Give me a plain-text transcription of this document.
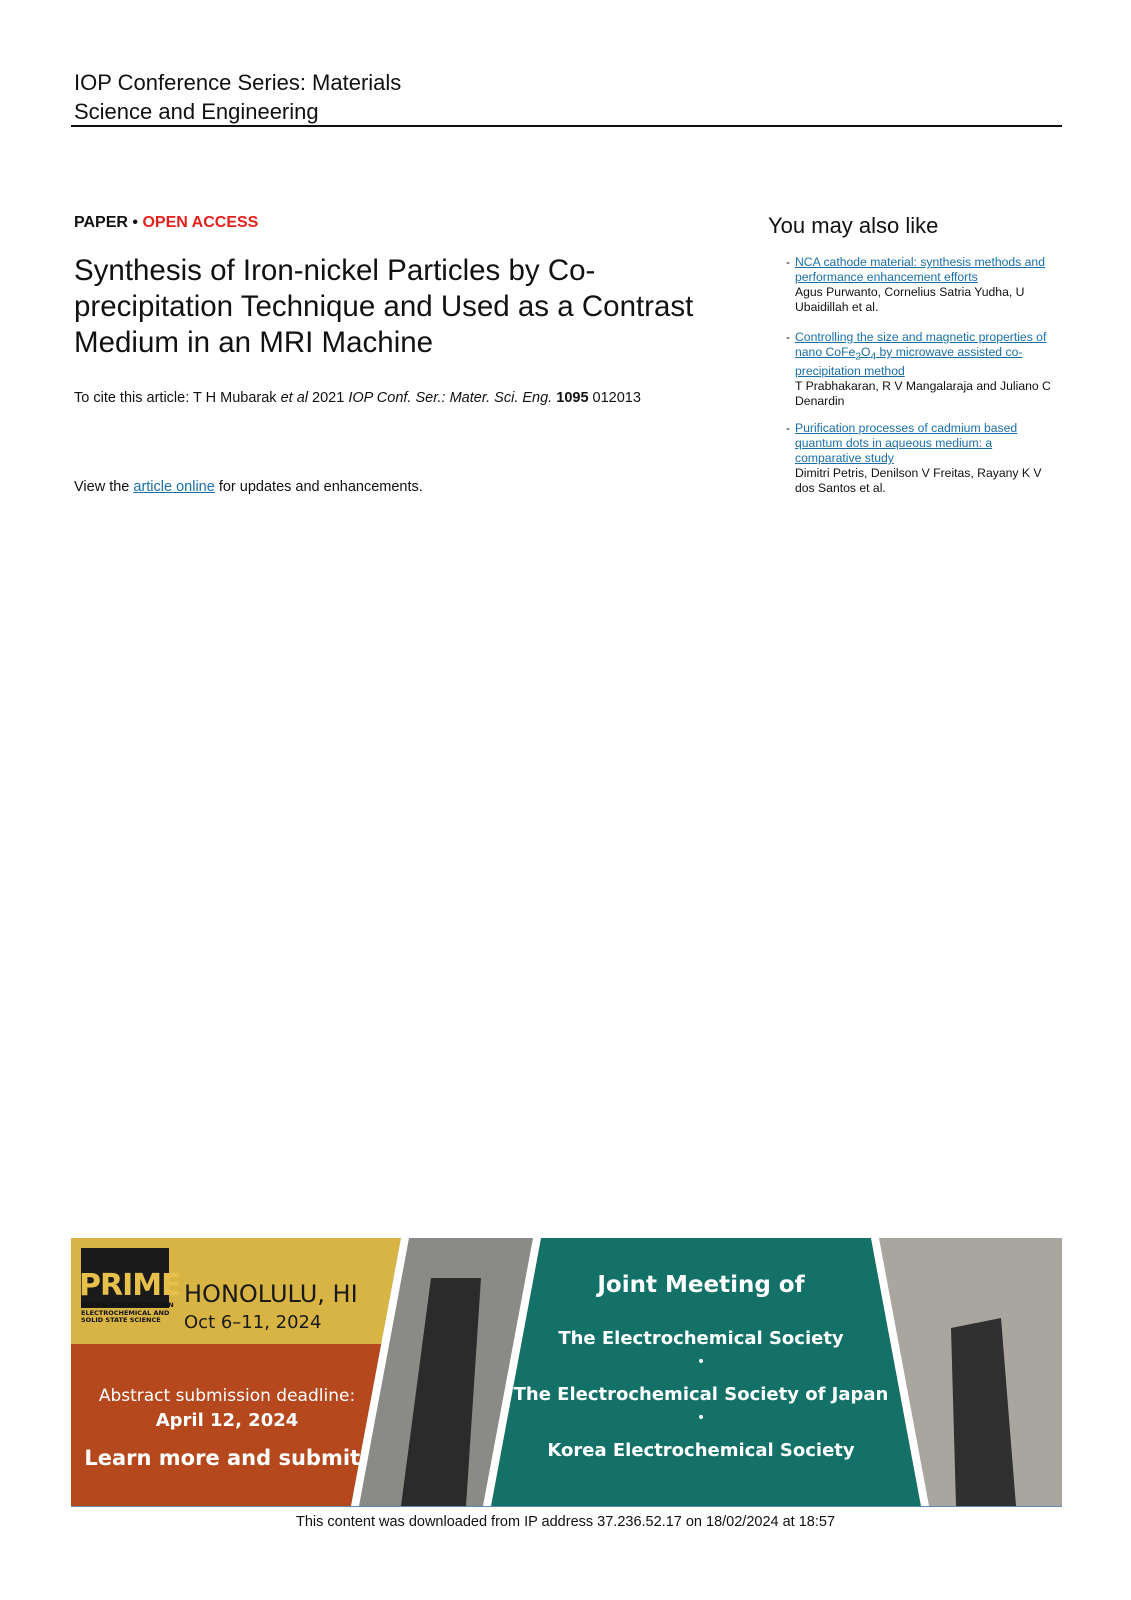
IOP Conference Series: Materials
Science and Engineering
PAPER • OPEN ACCESS
Synthesis of Iron-nickel Particles by Co-precipitation Technique and Used as a Contrast Medium in an MRI Machine
To cite this article: T H Mubarak et al 2021 IOP Conf. Ser.: Mater. Sci. Eng. 1095 012013
View the article online for updates and enhancements.
You may also like
- NCA cathode material: synthesis methods and performance enhancement efforts
Agus Purwanto, Cornelius Satria Yudha, U Ubaidillah et al.
- Controlling the size and magnetic properties of nano $CoFe_2O_4$ by microwave assisted co-precipitation method
T Prabhakaran, R V Mangalaraja and Juliano C Denardin
- Purification processes of cadmium based quantum dots in aqueous medium: a comparative study
Dimitri Petris, Denilson V Freitas, Rayany K V dos Santos et al.
PRIME
PACIFIC RIM MEETING ON ELECTROCHEMICAL AND SOLID STATE SCIENCE
HONOLULU, HI
Oct 6–11, 2024
Abstract submission deadline:
April 12, 2024
Learn more and submit!
Joint Meeting of
The Electrochemical Society
•
The Electrochemical Society of Japan
•
Korea Electrochemical Society
This content was downloaded from IP address 37.236.52.17 on 18/02/2024 at 18:57
